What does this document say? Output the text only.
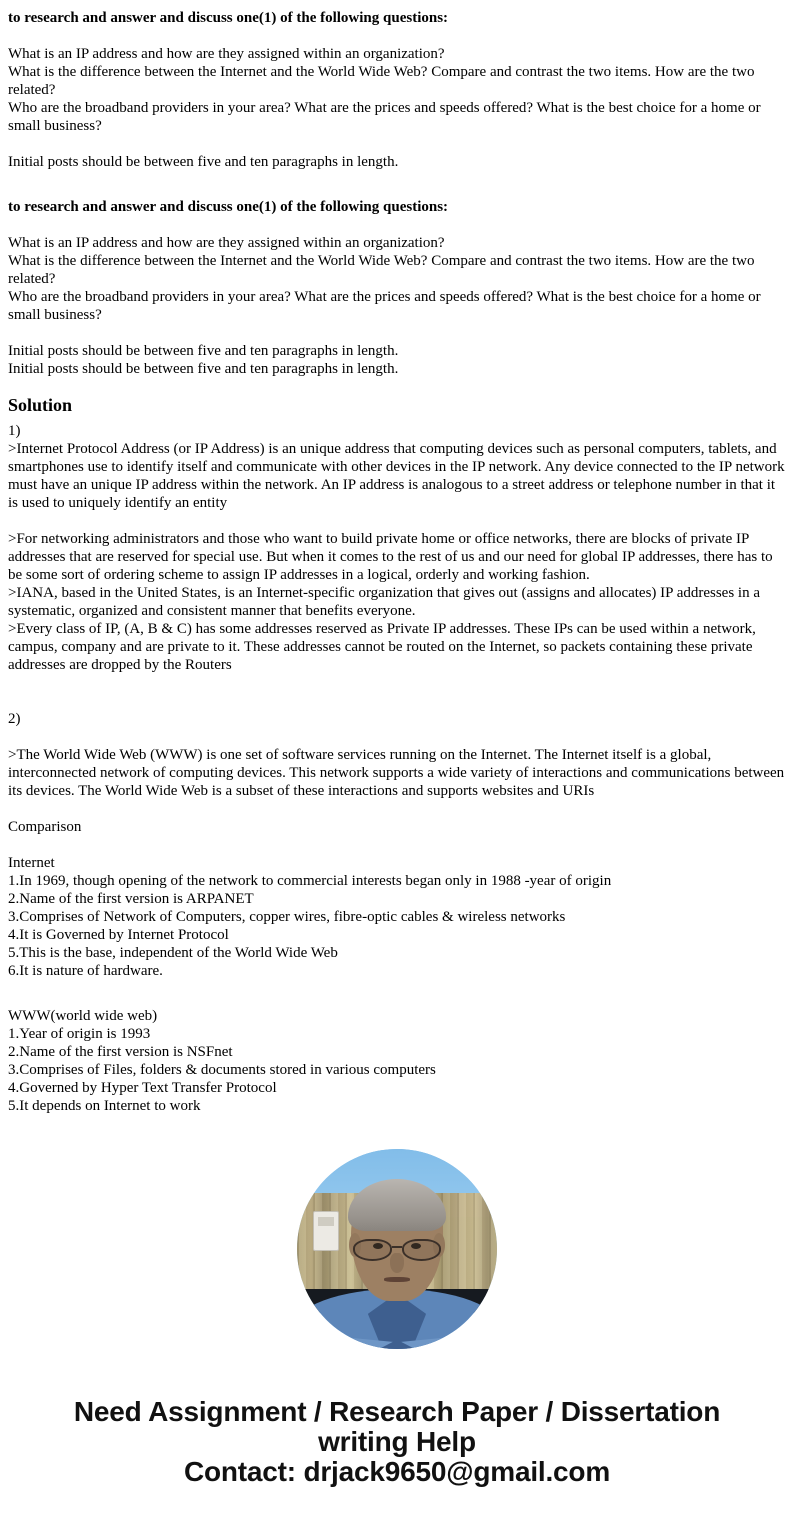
to research and answer and discuss one(1) of the following questions:

What is an IP address and how are they assigned within an organization?

What is the difference between the Internet and the World Wide Web? Compare and contrast the two items. How are the two related?

Who are the broadband providers in your area? What are the prices and speeds offered? What is the best choice for a home or small business?

Initial posts should be between five and ten paragraphs in length.

to research and answer and discuss one(1) of the following questions:

What is an IP address and how are they assigned within an organization?

What is the difference between the Internet and the World Wide Web? Compare and contrast the two items. How are the two related?

Who are the broadband providers in your area? What are the prices and speeds offered? What is the best choice for a home or small business?

Initial posts should be between five and ten paragraphs in length.

Initial posts should be between five and ten paragraphs in length.

Solution

1)

>Internet Protocol Address (or IP Address) is an unique address that computing devices such as personal computers, tablets, and smartphones use to identify itself and communicate with other devices in the IP network. Any device connected to the IP network must have an unique IP address within the network. An IP address is analogous to a street address or telephone number in that it is used to uniquely identify an entity

>For networking administrators and those who want to build private home or office networks, there are blocks of private IP addresses that are reserved for special use. But when it comes to the rest of us and our need for global IP addresses, there has to be some sort of ordering scheme to assign IP addresses in a logical, orderly and working fashion.

>IANA, based in the United States, is an Internet-specific organization that gives out (assigns and allocates) IP addresses in a systematic, organized and consistent manner that benefits everyone.

>Every class of IP, (A, B & C) has some addresses reserved as Private IP addresses. These IPs can be used within a network, campus, company and are private to it. These addresses cannot be routed on the Internet, so packets containing these private addresses are dropped by the Routers

2)

>The World Wide Web (WWW) is one set of software services running on the Internet. The Internet itself is a global, interconnected network of computing devices. This network supports a wide variety of interactions and communications between its devices. The World Wide Web is a subset of these interactions and supports websites and URIs

Comparison

Internet

1.In 1969, though opening of the network to commercial interests began only in 1988 -year of origin

2.Name of the first version is ARPANET

3.Comprises of Network of Computers, copper wires, fibre-optic cables & wireless networks

4.It is Governed by Internet Protocol

5.This is the base, independent of the World Wide Web

6.It is nature of hardware.

WWW(world wide web)

1.Year of origin is 1993

2.Name of the first version is NSFnet

3.Comprises of Files, folders & documents stored in various computers

4.Governed by Hyper Text Transfer Protocol

5.It depends on Internet to work

Need Assignment / Research Paper / Dissertation
writing Help
Contact: drjack9650@gmail.com
